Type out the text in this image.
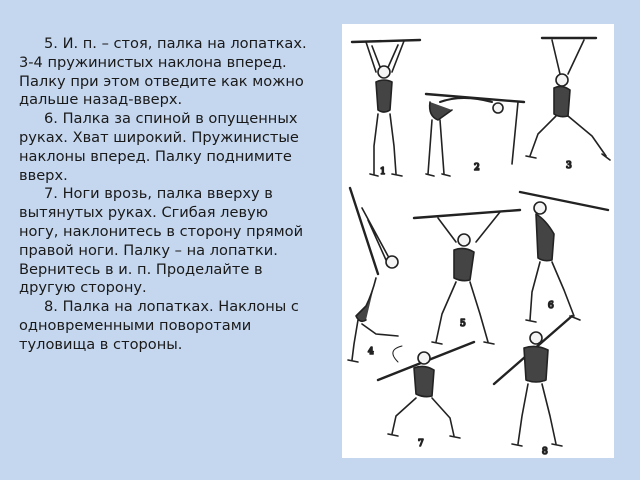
5. И. п. – стоя, палка на лопатках. 3-4 пружинистых наклона вперед. Палку при этом отведите как можно дальше назад-вверх.

6. Палка за спиной в опущенных руках. Хват широкий. Пружинистые наклоны вперед. Палку поднимите вверх.

7. Ноги врозь, палка вверху в вытянутых руках. Сгибая левую ногу, наклонитесь в сторону прямой правой ноги. Палку – на лопатки. Вернитесь в и. п. Проделайте в другую сторону.

8. Палка на лопатках. Наклоны с одновременными поворотами туловища в стороны.

1	2	3
4
5
6
7
8
